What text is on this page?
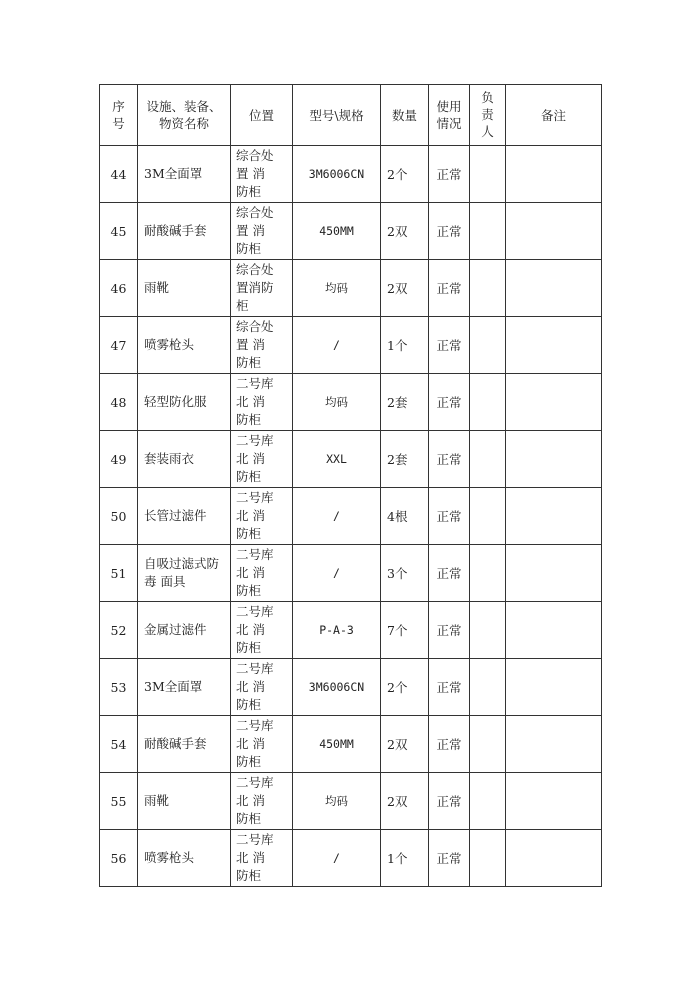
序号	设施、装备、物资名称	位置	型号\规格	数量	使用情况	负责人	备注
44	3M全面罩	综合处
置 消
防柜	3M6006CN	2个	正常		
45	耐酸碱手套	综合处
置 消
防柜	450MM	2双	正常		
46	雨靴	综合处
置消防
柜	均码	2双	正常		
47	喷雾枪头	综合处
置 消
防柜	/	1个	正常		
48	轻型防化服	二号库
北 消
防柜	均码	2套	正常		
49	套装雨衣	二号库
北 消
防柜	XXL	2套	正常		
50	长管过滤件	二号库
北 消
防柜	/	4根	正常		
51	自吸过滤式防毒 面具	二号库
北 消
防柜	/	3个	正常		
52	金属过滤件	二号库
北 消
防柜	P-A-3	7个	正常		
53	3M全面罩	二号库
北 消
防柜	3M6006CN	2个	正常		
54	耐酸碱手套	二号库
北 消
防柜	450MM	2双	正常		
55	雨靴	二号库
北 消
防柜	均码	2双	正常		
56	喷雾枪头	二号库
北 消
防柜	/	1个	正常		
